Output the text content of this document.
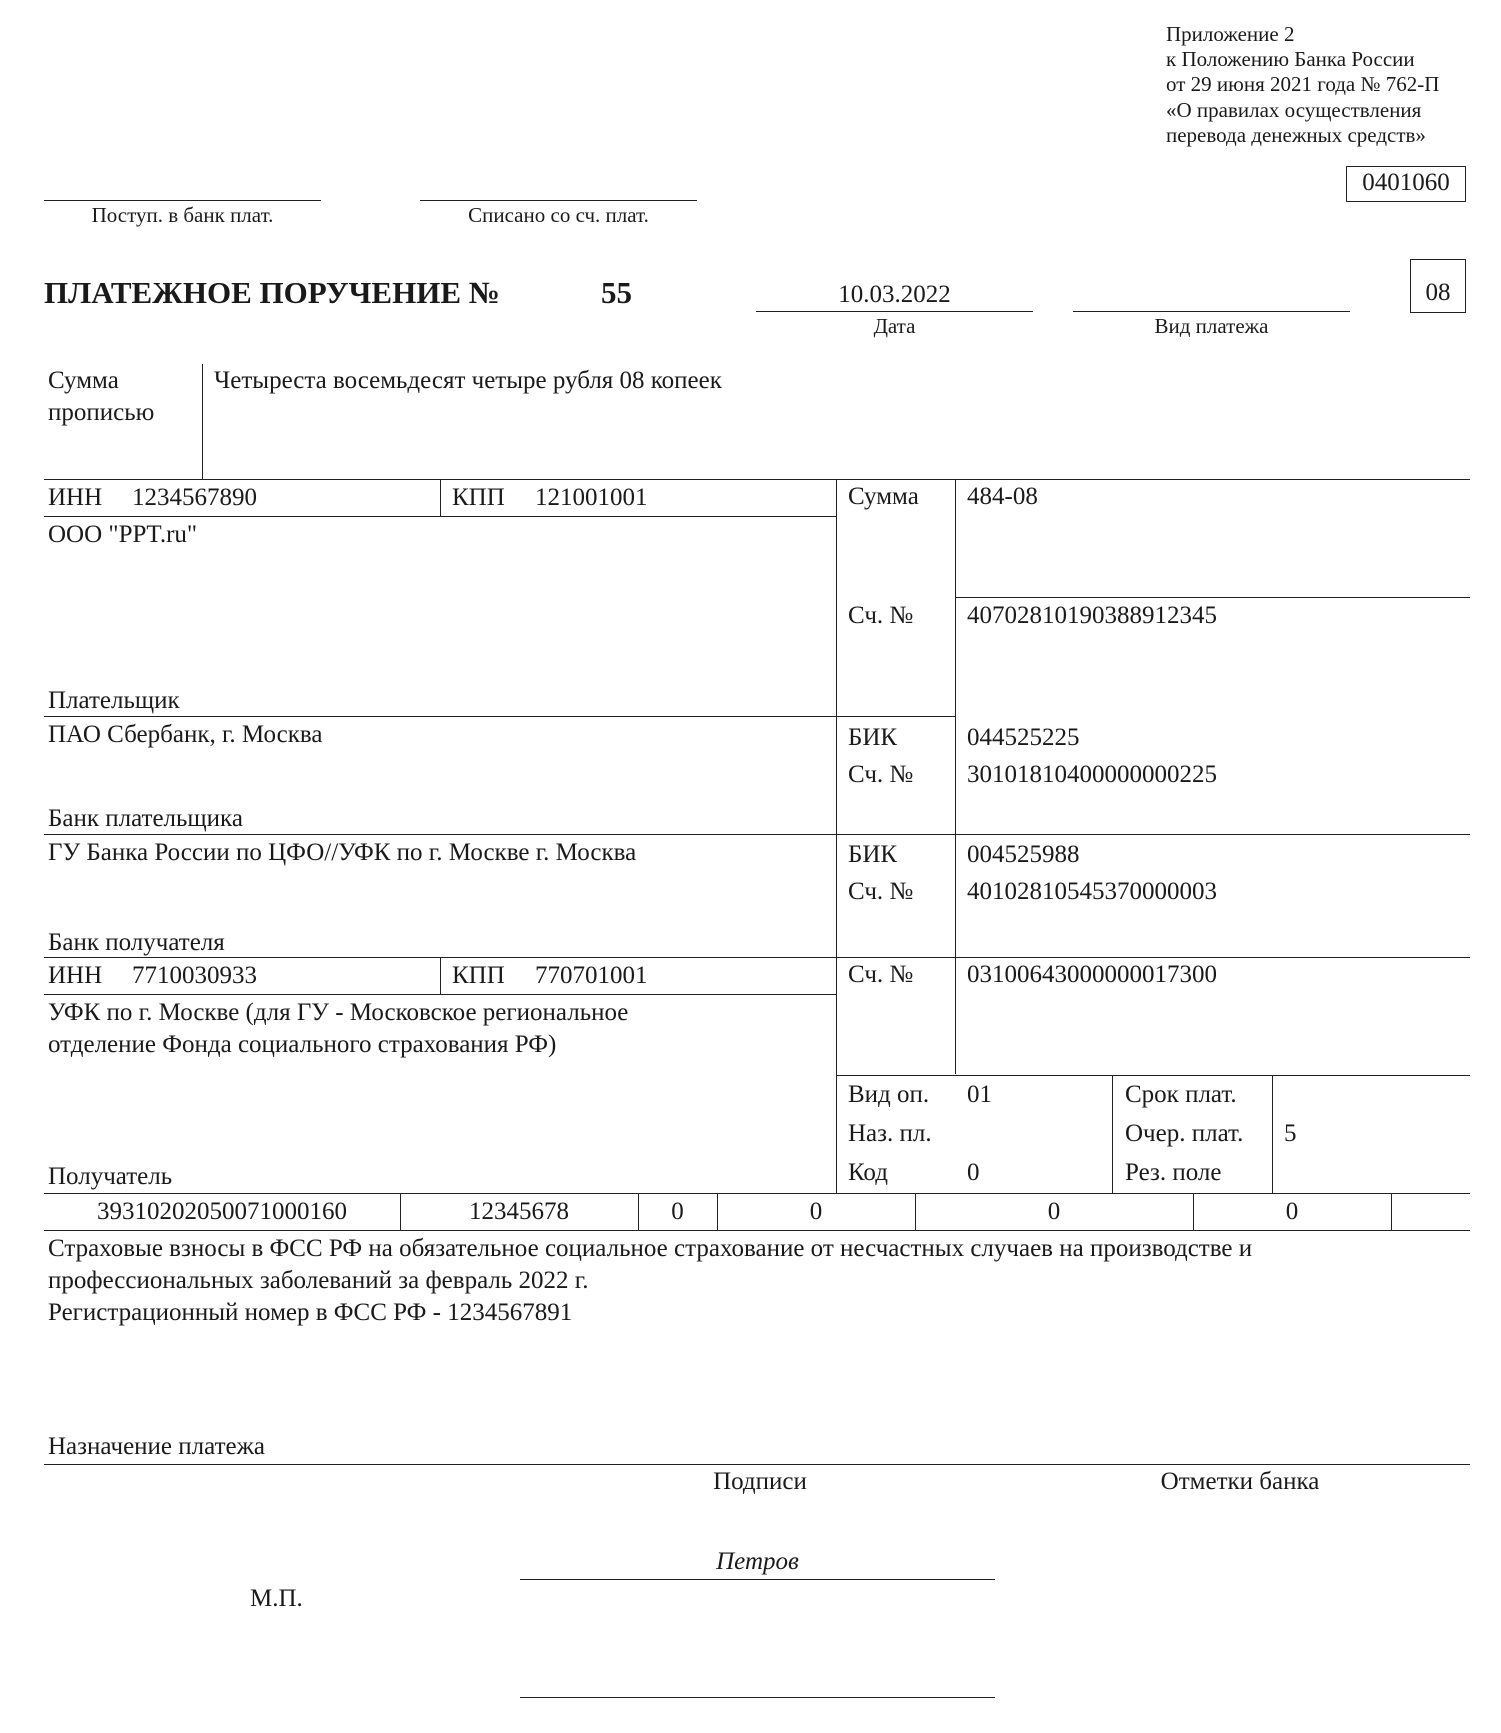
Приложение 2
к Положению Банка России
от 29 июня 2021 года № 762-П
«О правилах осуществления
перевода денежных средств»
0401060
Поступ. в банк плат.	Списано со сч. плат.
ПЛАТЕЖНОЕ ПОРУЧЕНИЕ №	55	10.03.2022
Дата	Вид платежа
08
Сумма
прописью
Четыреста восемьдесят четыре рубля 08 копеек
ИНН 1234567890	КПП 121001001
ООО "PPT.ru"
Плательщик
Сумма 484-08
Сч. № 40702810190388912345
ПАО Сбербанк, г. Москва
Банк плательщика
БИК	044525225
Сч. № 30101810400000000225
ГУ Банка России по ЦФО//УФК по г. Москве г. Москва
Банк получателя
БИК	004525988
Сч. № 40102810545370000003
ИНН 7710030933	КПП 770701001
УФК по г. Москве (для ГУ - Московское региональное
отделение Фонда социального страхования РФ)
Получатель
Сч. № 03100643000000017300
Вид оп. 01
Наз. пл.
Код	0
Срок плат.
Очер. плат. 5
Рез. поле
39310202050071000160	12345678	0	0	0	0
Страховые взносы в ФСС РФ на обязательное социальное страхование от несчастных случаев на производстве и
профессиональных заболеваний за февраль 2022 г.
Регистрационный номер в ФСС РФ - 1234567891
Назначение платежа
Подписи	Отметки банка
Петров
М.П.
